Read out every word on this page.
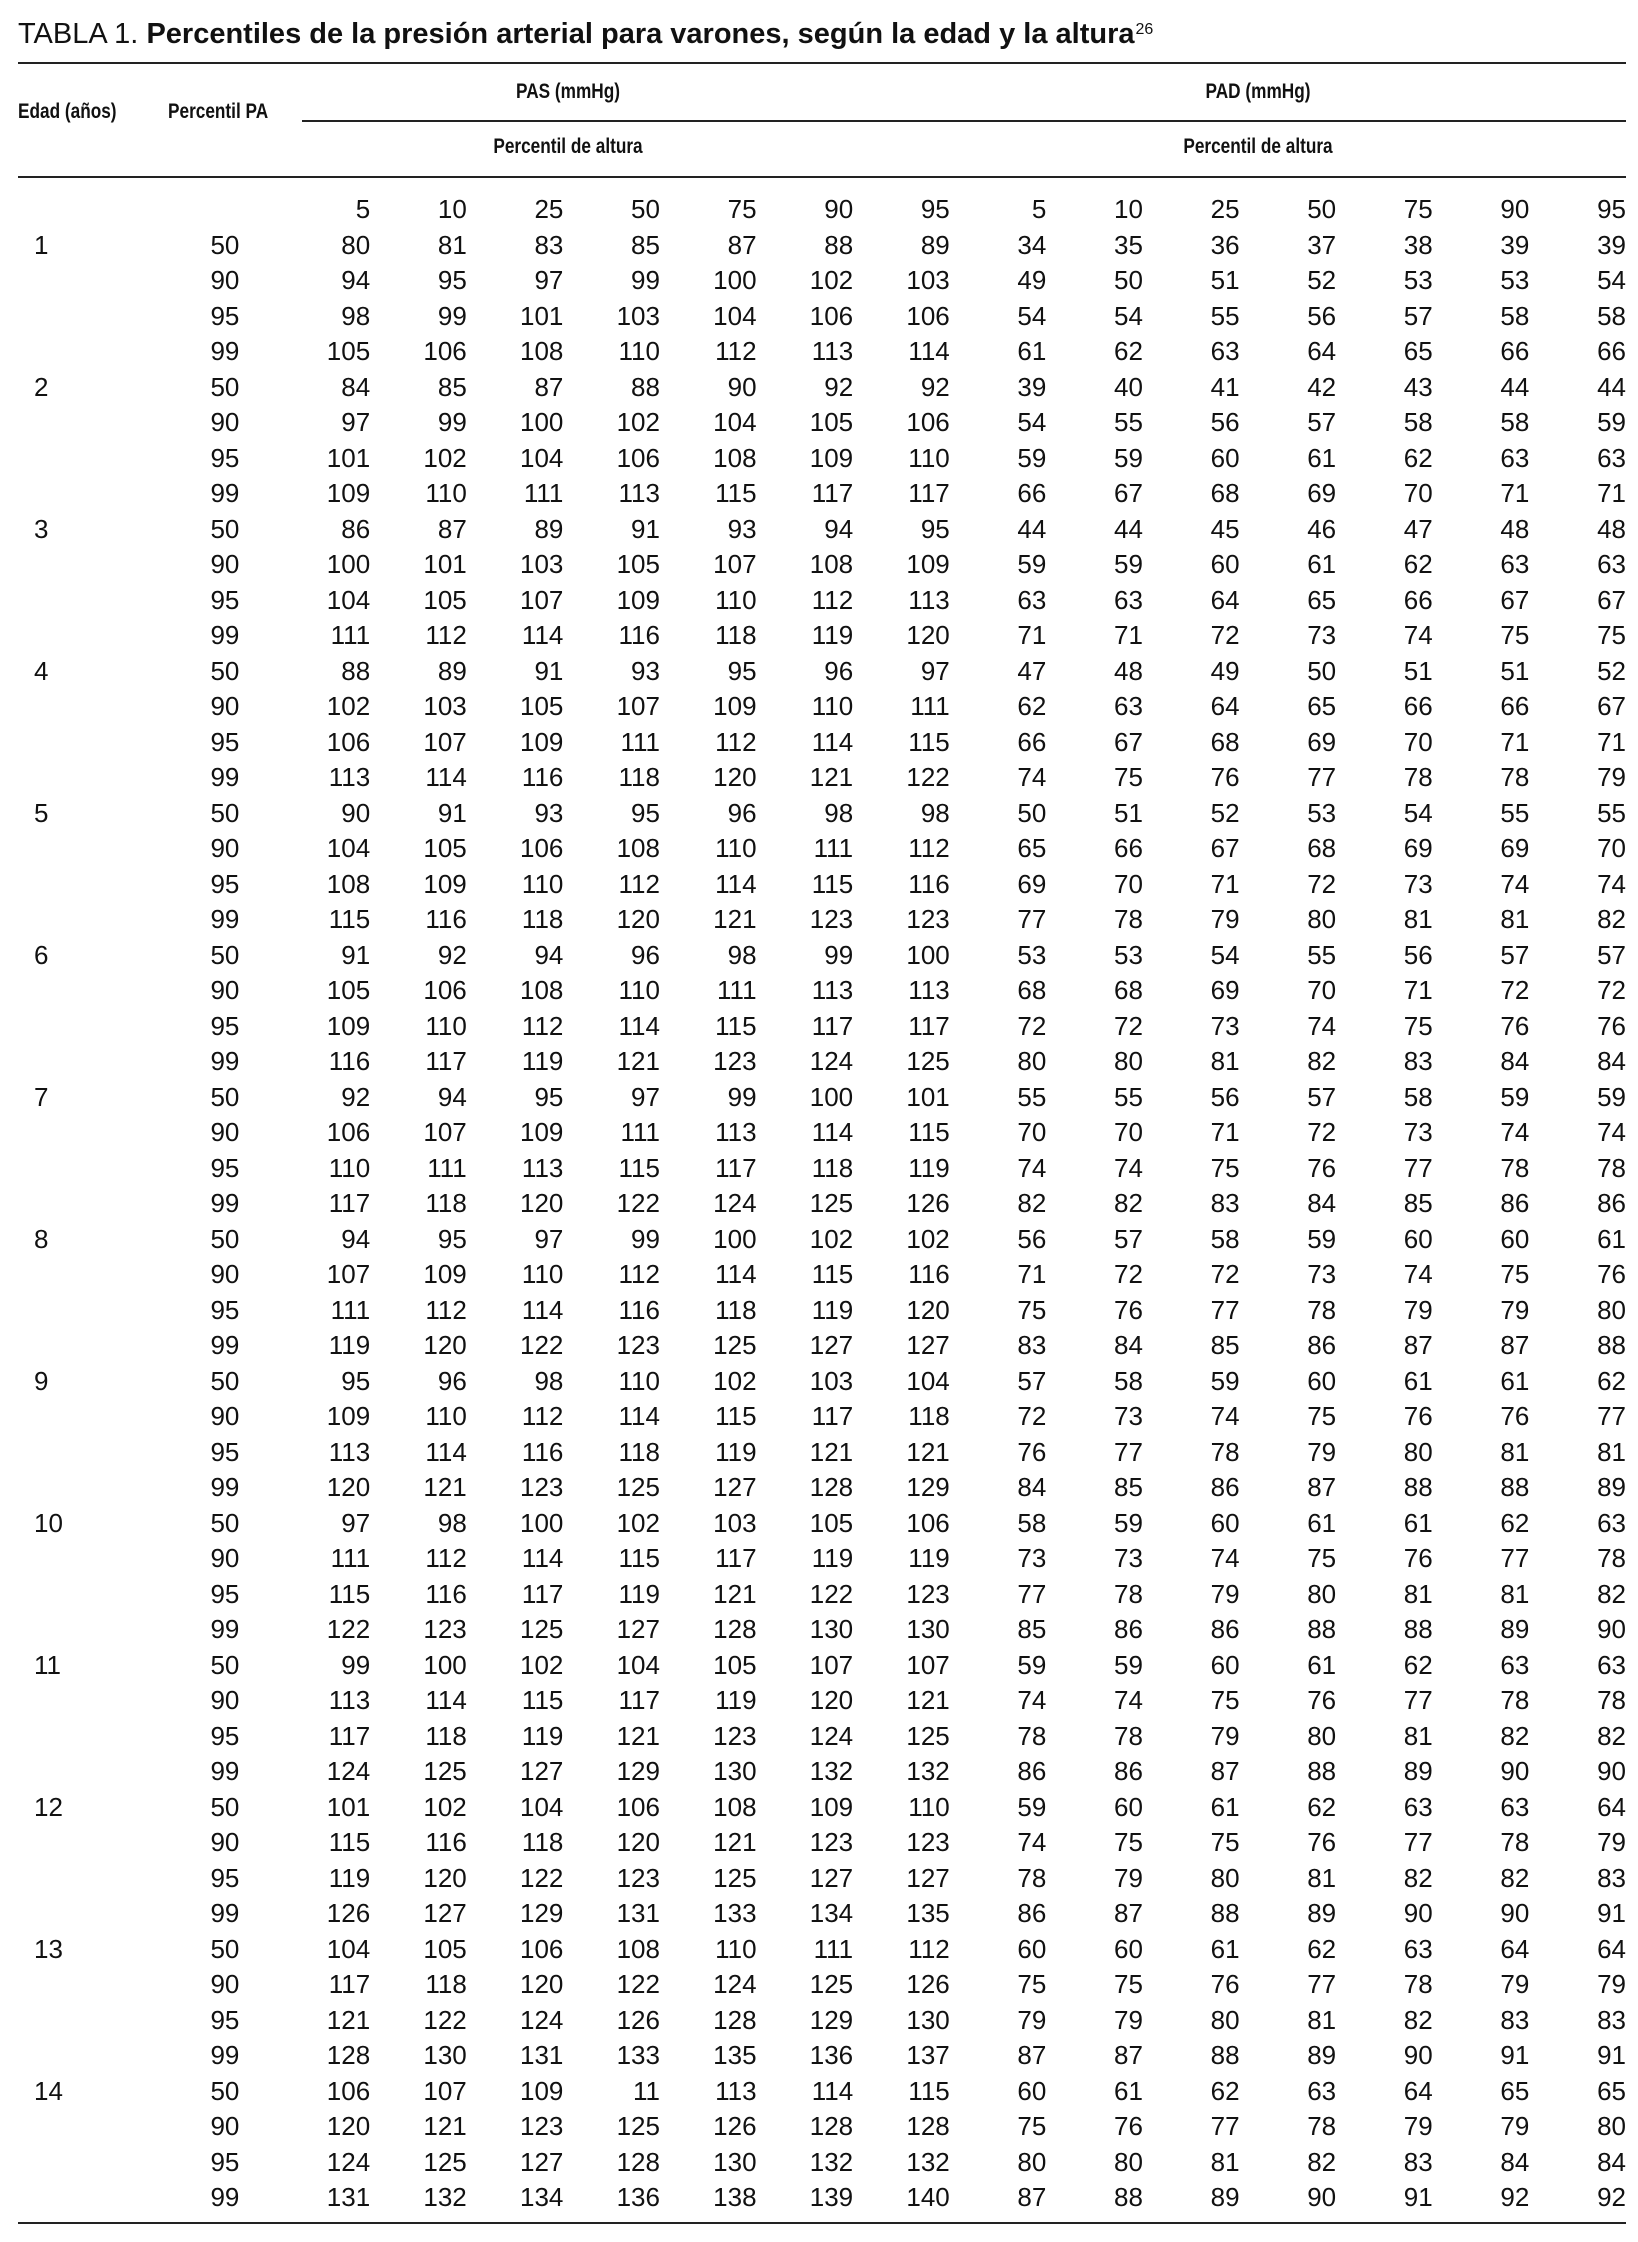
TABLA 1. Percentiles de la presión arterial para varones, según la edad y la altura$^{26}$
Edad (años) Percentil PA
PAS (mmHg)	PAD (mmHg)
Percentil de altura	Percentil de altura
		5	10	25	50	75	90	95	5	10	25	50	75	90	95
1	50	80	81	83	85	87	88	89	34	35	36	37	38	39	39
	90	94	95	97	99	100	102	103	49	50	51	52	53	53	54
	95	98	99	101	103	104	106	106	54	54	55	56	57	58	58
	99	105	106	108	110	112	113	114	61	62	63	64	65	66	66
2	50	84	85	87	88	90	92	92	39	40	41	42	43	44	44
	90	97	99	100	102	104	105	106	54	55	56	57	58	58	59
	95	101	102	104	106	108	109	110	59	59	60	61	62	63	63
	99	109	110	111	113	115	117	117	66	67	68	69	70	71	71
3	50	86	87	89	91	93	94	95	44	44	45	46	47	48	48
	90	100	101	103	105	107	108	109	59	59	60	61	62	63	63
	95	104	105	107	109	110	112	113	63	63	64	65	66	67	67
	99	111	112	114	116	118	119	120	71	71	72	73	74	75	75
4	50	88	89	91	93	95	96	97	47	48	49	50	51	51	52
	90	102	103	105	107	109	110	111	62	63	64	65	66	66	67
	95	106	107	109	111	112	114	115	66	67	68	69	70	71	71
	99	113	114	116	118	120	121	122	74	75	76	77	78	78	79
5	50	90	91	93	95	96	98	98	50	51	52	53	54	55	55
	90	104	105	106	108	110	111	112	65	66	67	68	69	69	70
	95	108	109	110	112	114	115	116	69	70	71	72	73	74	74
	99	115	116	118	120	121	123	123	77	78	79	80	81	81	82
6	50	91	92	94	96	98	99	100	53	53	54	55	56	57	57
	90	105	106	108	110	111	113	113	68	68	69	70	71	72	72
	95	109	110	112	114	115	117	117	72	72	73	74	75	76	76
	99	116	117	119	121	123	124	125	80	80	81	82	83	84	84
7	50	92	94	95	97	99	100	101	55	55	56	57	58	59	59
	90	106	107	109	111	113	114	115	70	70	71	72	73	74	74
	95	110	111	113	115	117	118	119	74	74	75	76	77	78	78
	99	117	118	120	122	124	125	126	82	82	83	84	85	86	86
8	50	94	95	97	99	100	102	102	56	57	58	59	60	60	61
	90	107	109	110	112	114	115	116	71	72	72	73	74	75	76
	95	111	112	114	116	118	119	120	75	76	77	78	79	79	80
	99	119	120	122	123	125	127	127	83	84	85	86	87	87	88
9	50	95	96	98	110	102	103	104	57	58	59	60	61	61	62
	90	109	110	112	114	115	117	118	72	73	74	75	76	76	77
	95	113	114	116	118	119	121	121	76	77	78	79	80	81	81
	99	120	121	123	125	127	128	129	84	85	86	87	88	88	89
10	50	97	98	100	102	103	105	106	58	59	60	61	61	62	63
	90	111	112	114	115	117	119	119	73	73	74	75	76	77	78
	95	115	116	117	119	121	122	123	77	78	79	80	81	81	82
	99	122	123	125	127	128	130	130	85	86	86	88	88	89	90
11	50	99	100	102	104	105	107	107	59	59	60	61	62	63	63
	90	113	114	115	117	119	120	121	74	74	75	76	77	78	78
	95	117	118	119	121	123	124	125	78	78	79	80	81	82	82
	99	124	125	127	129	130	132	132	86	86	87	88	89	90	90
12	50	101	102	104	106	108	109	110	59	60	61	62	63	63	64
	90	115	116	118	120	121	123	123	74	75	75	76	77	78	79
	95	119	120	122	123	125	127	127	78	79	80	81	82	82	83
	99	126	127	129	131	133	134	135	86	87	88	89	90	90	91
13	50	104	105	106	108	110	111	112	60	60	61	62	63	64	64
	90	117	118	120	122	124	125	126	75	75	76	77	78	79	79
	95	121	122	124	126	128	129	130	79	79	80	81	82	83	83
	99	128	130	131	133	135	136	137	87	87	88	89	90	91	91
14	50	106	107	109	11	113	114	115	60	61	62	63	64	65	65
	90	120	121	123	125	126	128	128	75	76	77	78	79	79	80
	95	124	125	127	128	130	132	132	80	80	81	82	83	84	84
	99	131	132	134	136	138	139	140	87	88	89	90	91	92	92
